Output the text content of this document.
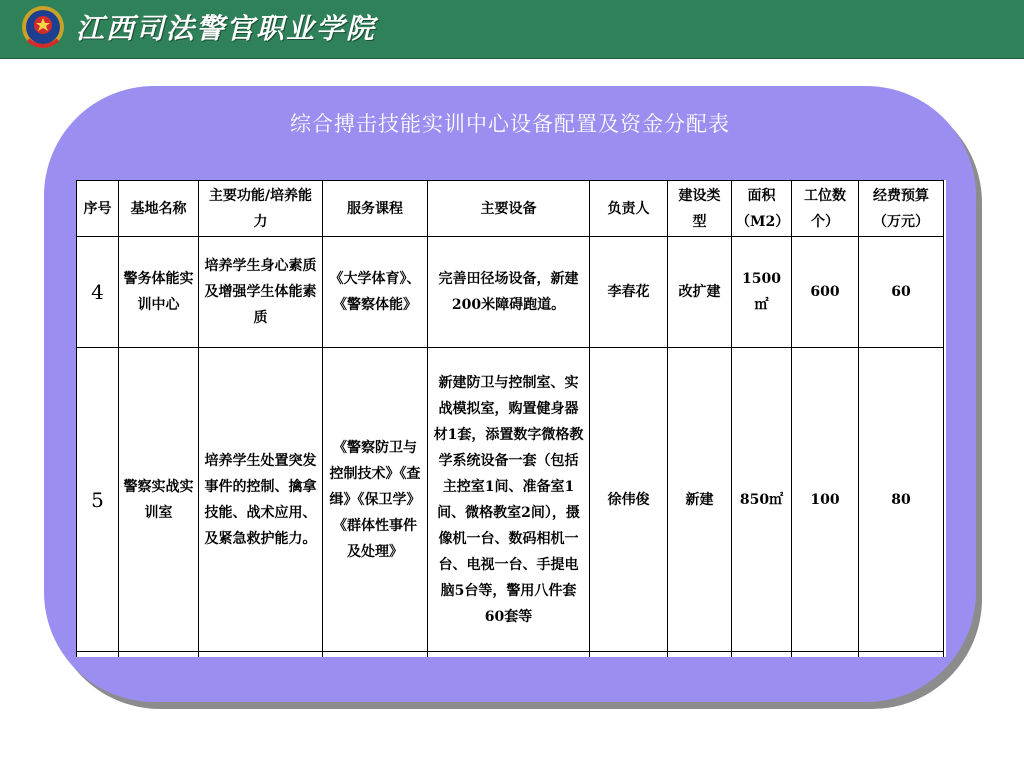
江西司法警官职业学院
综合搏击技能实训中心设备配置及资金分配表
序号	基地名称	主要功能/培养能力	服务课程	主要设备	负责人	建设类型	面积（M2）	工位数个）	经费预算（万元）
4	警务体能实训中心	培养学生身心素质及增强学生体能素质	《大学体育》、《警察体能》	完善田径场设备，新建200米障碍跑道。	李春花	改扩建	1500㎡	600	60
5	警察实战实训室	培养学生处置突发事件的控制、擒拿技能、战术应用、及紧急救护能力。	《警察防卫与控制技术》《查缉》《保卫学》《群体性事件及处理》	新建防卫与控制室、实战模拟室，购置健身器材1套，添置数字微格教学系统设备一套（包括主控室1间、准备室1间、微格教室2间），摄像机一台、数码相机一台、电视一台、手提电脑5台等，警用八件套60套等	徐伟俊	新建	850㎡	100	80
